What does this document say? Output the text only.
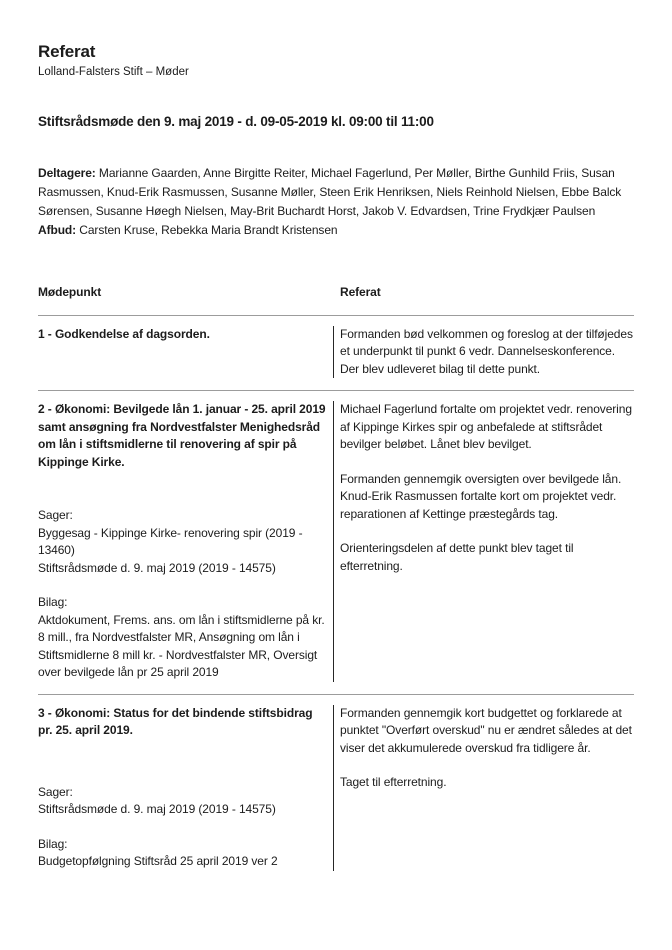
Referat
Lolland-Falsters Stift – Møder
Stiftsrådsmøde den 9. maj 2019 - d. 09-05-2019 kl. 09:00 til 11:00
Deltagere: Marianne Gaarden, Anne Birgitte Reiter, Michael Fagerlund, Per Møller, Birthe Gunhild Friis, Susan Rasmussen, Knud-Erik Rasmussen, Susanne Møller, Steen Erik Henriksen, Niels Reinhold Nielsen, Ebbe Balck Sørensen, Susanne Høegh Nielsen, May-Brit Buchardt Horst, Jakob V. Edvardsen, Trine Frydkjær Paulsen
Afbud: Carsten Kruse, Rebekka Maria Brandt Kristensen
Mødepunkt	Referat
1 - Godkendelse af dagsorden.	Formanden bød velkommen og foreslog at der tilføjedes et underpunkt til punkt 6 vedr. Dannelseskonference. Der blev udleveret bilag til dette punkt.

2 - Økonomi: Bevilgede lån 1. januar - 25. april 2019 samt ansøgning fra Nordvestfalster Menighedsråd om lån i stiftsmidlerne til renovering af spir på Kippinge Kirke.
Sager:
Byggesag - Kippinge Kirke- renovering spir (2019 - 13460)
Stiftsrådsmøde d. 9. maj 2019 (2019 - 14575)
Bilag:
Aktdokument, Frems. ans. om lån i stiftsmidlerne på kr. 8 mill., fra Nordvestfalster MR, Ansøgning om lån i Stiftsmidlerne 8 mill kr. - Nordvestfalster MR, Oversigt over bevilgede lån pr 25 april 2019

Michael Fagerlund fortalte om projektet vedr. renovering af Kippinge Kirkes spir og anbefalede at stiftsrådet bevilger beløbet. Lånet blev bevilget.

Formanden gennemgik oversigten over bevilgede lån. Knud-Erik Rasmussen fortalte kort om projektet vedr. reparationen af Kettinge præstegårds tag.

Orienteringsdelen af dette punkt blev taget til efterretning.

3 - Økonomi: Status for det bindende stiftsbidrag pr. 25. april 2019.
Sager:
Stiftsrådsmøde d. 9. maj 2019 (2019 - 14575)
Bilag:
Budgetopfølgning Stiftsråd 25 april 2019 ver 2

Formanden gennemgik kort budgettet og forklarede at punktet "Overført overskud" nu er ændret således at det viser det akkumulerede overskud fra tidligere år.

Taget til efterretning.
